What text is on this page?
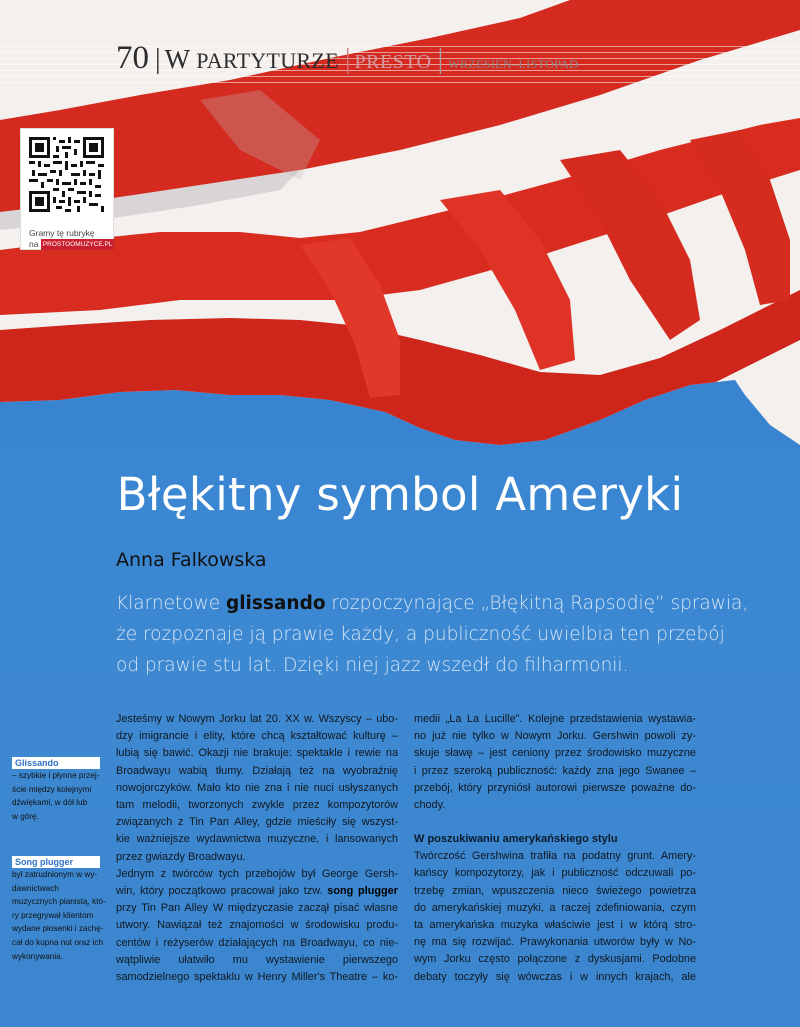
70 | W PARTYTURZE | PRESTO | WRZESIEŃ–LISTOPAD
Gramy tę rubrykę
na PROSTOOMUZYCE.PL
Błękitny symbol Ameryki
Anna Falkowska

Klarnetowe glissando rozpoczynające „Błękitną Rapsodię” sprawia,
że rozpoznaje ją prawie każdy, a publiczność uwielbia ten przebój
od prawie stu lat. Dzięki niej jazz wszedł do filharmonii.

Glissando
– szybkie i płynne przej-
ście między kolejnymi
dźwiękami, w dół lub
w górę.
Song plugger
był zatrudnionym w wy-
dawnictwach
muzycznych pianistą, któ-
ry przegrywał klientom
wydane piosenki i zachę-
cał do kupna nut oraz ich
wykonywania.
Jesteśmy w Nowym Jorku lat 20. XX w. Wszyscy – ubo-
dzy imigrancie i elity, które chcą kształtować kulturę –
lubią się bawić. Okazji nie brakuje: spektakle i rewie na
Broadwayu wabią tłumy. Działają też na wyobraźnię
nowojorczyków. Mało kto nie zna i nie nuci usłyszanych
tam melodii, tworzonych zwykle przez kompozytorów
związanych z Tin Pan Alley, gdzie mieściły się wszyst-
kie ważniejsze wydawnictwa muzyczne, i lansowanych
przez gwiazdy Broadwayu.
Jednym z twórców tych przebojów był George Gersh-
win, który początkowo pracował jako tzw. song plugger
przy Tin Pan Alley W międzyczasie zaczął pisać własne
utwory. Nawiązał też znajomości w środowisku produ-
centów i reżyserów działających na Broadwayu, co nie-
wątpliwie ułatwiło mu wystawienie pierwszego
samodzielnego spektaklu w Henry Miller's Theatre – ko-
medii „La La Lucille”. Kolejne przedstawienia wystawia-
no już nie tylko w Nowym Jorku. Gershwin powoli zy-
skuje sławę – jest ceniony przez środowisko muzyczne
i przez szeroką publiczność: każdy zna jego Swanee –
przebój, który przyniósł autorowi pierwsze poważne do-
chody.
W poszukiwaniu amerykańskiego stylu
Twórczość Gershwina trafiła na podatny grunt. Amery-
kańscy kompozytorzy, jak i publiczność odczuwali po-
trzebę zmian, wpuszczenia nieco świeżego powietrza
do amerykańskiej muzyki, a raczej zdefiniowania, czym
ta amerykańska muzyka właściwie jest i w którą stro-
nę ma się rozwijać. Prawykonania utworów były w No-
wym Jorku często połączone z dyskusjami. Podobne
debaty toczyły się wówczas i w innych krajach, ale
